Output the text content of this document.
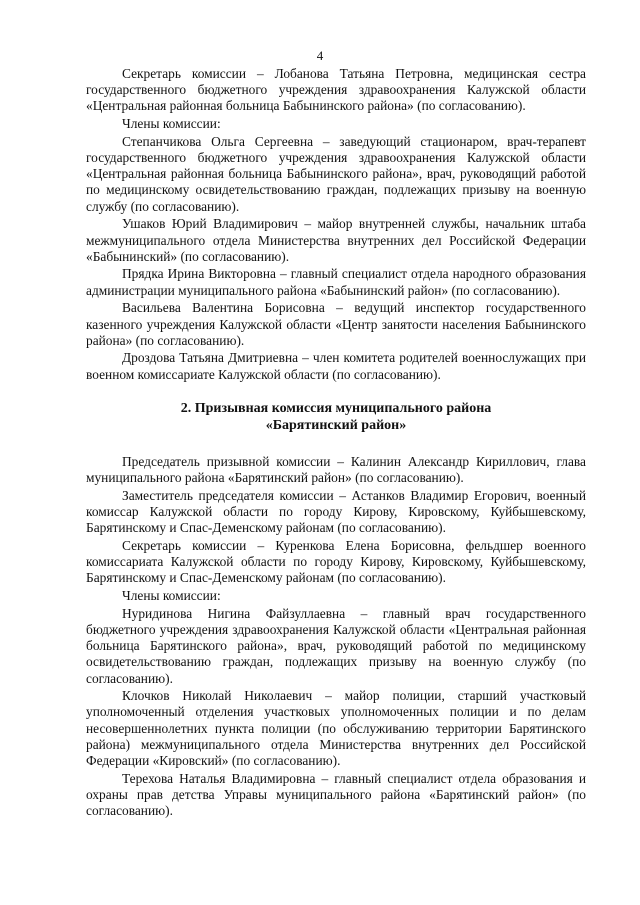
4

Секретарь комиссии – Лобанова Татьяна Петровна, медицинская сестра государственного бюджетного учреждения здравоохранения Калужской области «Центральная районная больница Бабынинского района» (по согласованию).

Члены комиссии:

Степанчикова Ольга Сергеевна – заведующий стационаром, врач-терапевт государственного бюджетного учреждения здравоохранения Калужской области «Центральная районная больница Бабынинского района», врач, руководящий работой по медицинскому освидетельствованию граждан, подлежащих призыву на военную службу (по согласованию).

Ушаков Юрий Владимирович – майор внутренней службы, начальник штаба межмуниципального отдела Министерства внутренних дел Российской Федерации «Бабынинский» (по согласованию).

Прядка Ирина Викторовна – главный специалист отдела народного образования администрации муниципального района «Бабынинский район» (по согласованию).

Васильева Валентина Борисовна – ведущий инспектор государственного казенного учреждения Калужской области «Центр занятости населения Бабынинского района» (по согласованию).

Дроздова Татьяна Дмитриевна – член комитета родителей военнослужащих при военном комиссариате Калужской области (по согласованию).

2. Призывная комиссия муниципального района
«Барятинский район»

Председатель призывной комиссии – Калинин Александр Кириллович, глава муниципального района «Барятинский район» (по согласованию).

Заместитель председателя комиссии – Астанков Владимир Егорович, военный комиссар Калужской области по городу Кирову, Кировскому, Куйбышевскому, Барятинскому и Спас-Деменскому районам (по согласованию).

Секретарь комиссии – Куренкова Елена Борисовна, фельдшер военного комиссариата Калужской области по городу Кирову, Кировскому, Куйбышевскому, Барятинскому и Спас-Деменскому районам (по согласованию).

Члены комиссии:

Нуридинова Нигина Файзуллаевна – главный врач государственного бюджетного учреждения здравоохранения Калужской области «Центральная районная больница Барятинского района», врач, руководящий работой по медицинскому освидетельствованию граждан, подлежащих призыву на военную службу (по согласованию).

Клочков Николай Николаевич – майор полиции, старший участковый уполномоченный отделения участковых уполномоченных полиции и по делам несовершеннолетних пункта полиции (по обслуживанию территории Барятинского района) межмуниципального отдела Министерства внутренних дел Российской Федерации «Кировский» (по согласованию).

Терехова Наталья Владимировна – главный специалист отдела образования и охраны прав детства Управы муниципального района «Барятинский район» (по согласованию).
